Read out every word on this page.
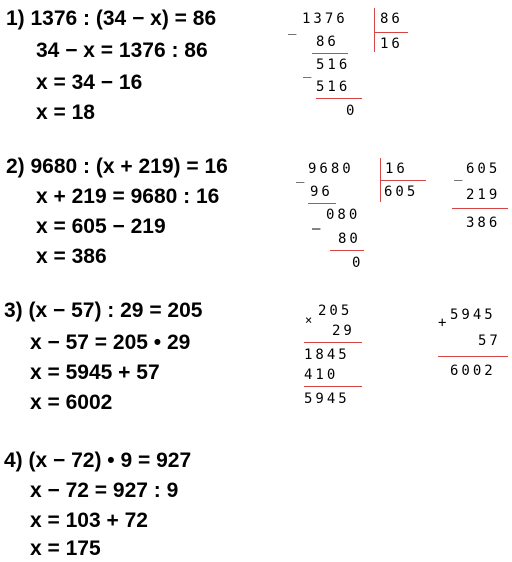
1) 1376 : (34 − x) = 86
34 − x = 1376 : 86
x = 34 − 16
x = 18
_ 1376 86
16
86
_ 516
516
0
2) 9680 : (x + 219) = 16
x + 219 = 9680 : 16
x = 605 − 219
x = 386
_ 9680 16
605
96
080
—
80
0
_ 605
219
386
3) (x − 57) : 29 = 205
x − 57 = 205 • 29
x = 5945 + 57
x = 6002
×
205
29
1845
410
5945
+ 5945
57
6002
4) (x − 72) • 9 = 927
x − 72 = 927 : 9
x = 103 + 72
x = 175
